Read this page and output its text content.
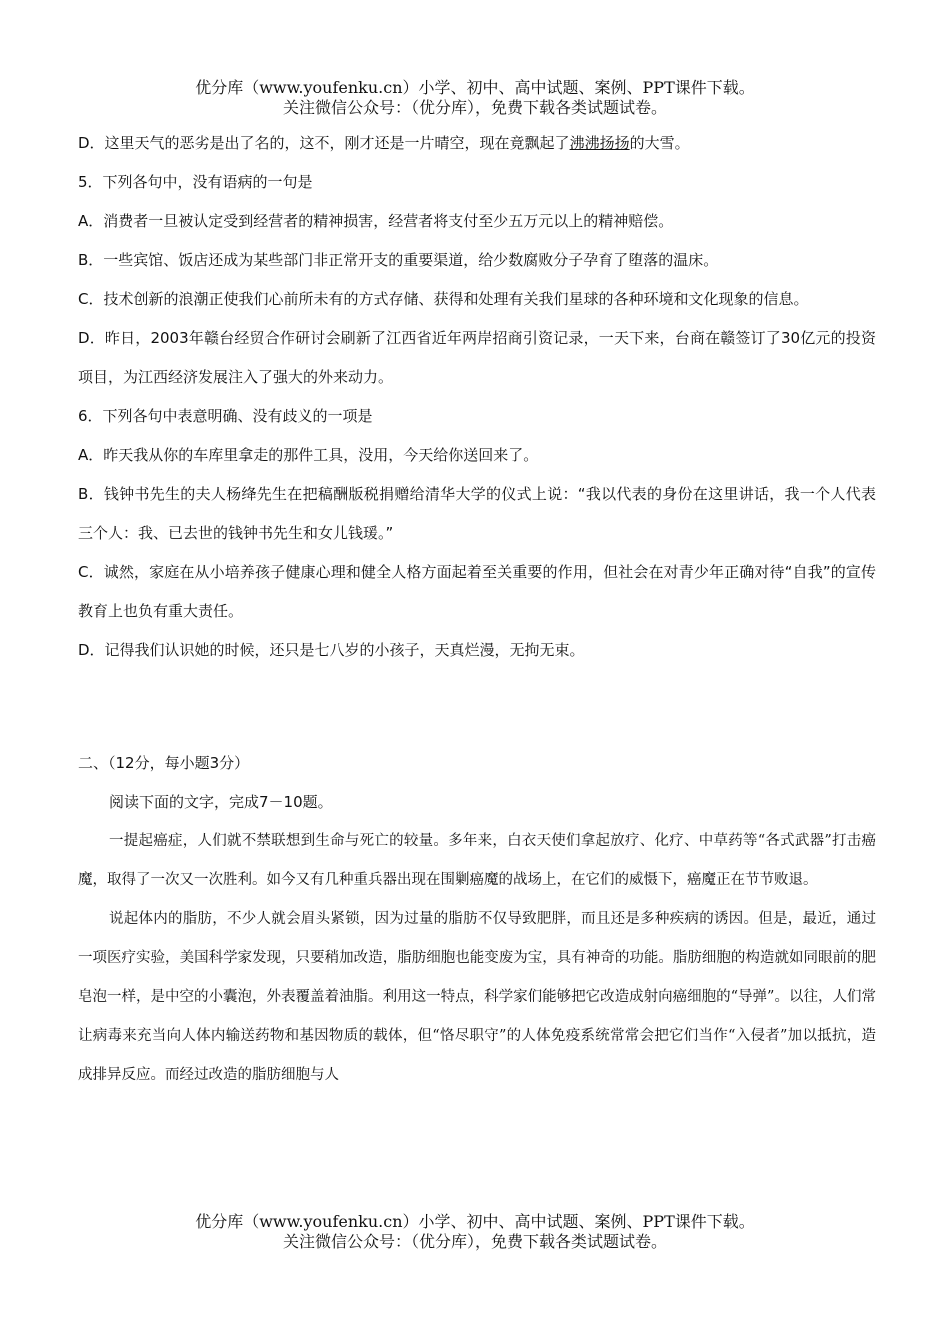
优分库（www.youfenku.cn）小学、初中、高中试题、案例、PPT课件下载。
关注微信公众号：（优分库），免费下载各类试题试卷。

D．这里天气的恶劣是出了名的，这不，刚才还是一片晴空，现在竟飘起了沸沸扬扬的大雪。

5．下列各句中，没有语病的一句是

A．消费者一旦被认定受到经营者的精神损害，经营者将支付至少五万元以上的精神赔偿。

B．一些宾馆、饭店还成为某些部门非正常开支的重要渠道，给少数腐败分子孕育了堕落的温床。

C．技术创新的浪潮正使我们心前所未有的方式存储、获得和处理有关我们星球的各种环境和文化现象的信息。

D．昨日，2003年赣台经贸合作研讨会刷新了江西省近年两岸招商引资记录，一天下来，台商在赣签订了30亿元的投资项目，为江西经济发展注入了强大的外来动力。

6．下列各句中表意明确、没有歧义的一项是

A．昨天我从你的车库里拿走的那件工具，没用，今天给你送回来了。

B．钱钟书先生的夫人杨绛先生在把稿酬版税捐赠给清华大学的仪式上说：“我以代表的身份在这里讲话，我一个人代表三个人：我、已去世的钱钟书先生和女儿钱瑗。”

C．诚然，家庭在从小培养孩子健康心理和健全人格方面起着至关重要的作用，但社会在对青少年正确对待“自我”的宣传教育上也负有重大责任。

D．记得我们认识她的时候，还只是七八岁的小孩子，天真烂漫，无拘无束。

二、（12分，每小题3分）

阅读下面的文字，完成7－10题。

一提起癌症，人们就不禁联想到生命与死亡的较量。多年来，白衣天使们拿起放疗、化疗、中草药等“各式武器”打击癌魔，取得了一次又一次胜利。如今又有几种重兵器出现在围剿癌魔的战场上，在它们的威慑下，癌魔正在节节败退。

说起体内的脂肪，不少人就会眉头紧锁，因为过量的脂肪不仅导致肥胖，而且还是多种疾病的诱因。但是，最近，通过一项医疗实验，美国科学家发现，只要稍加改造，脂肪细胞也能变废为宝，具有神奇的功能。脂肪细胞的构造就如同眼前的肥皂泡一样，是中空的小囊泡，外表覆盖着油脂。利用这一特点，科学家们能够把它改造成射向癌细胞的“导弹”。以往，人们常让病毒来充当向人体内输送药物和基因物质的载体，但“恪尽职守”的人体免疫系统常常会把它们当作“入侵者”加以抵抗，造成排异反应。而经过改造的脂肪细胞与人

优分库（www.youfenku.cn）小学、初中、高中试题、案例、PPT课件下载。
关注微信公众号：（优分库），免费下载各类试题试卷。
